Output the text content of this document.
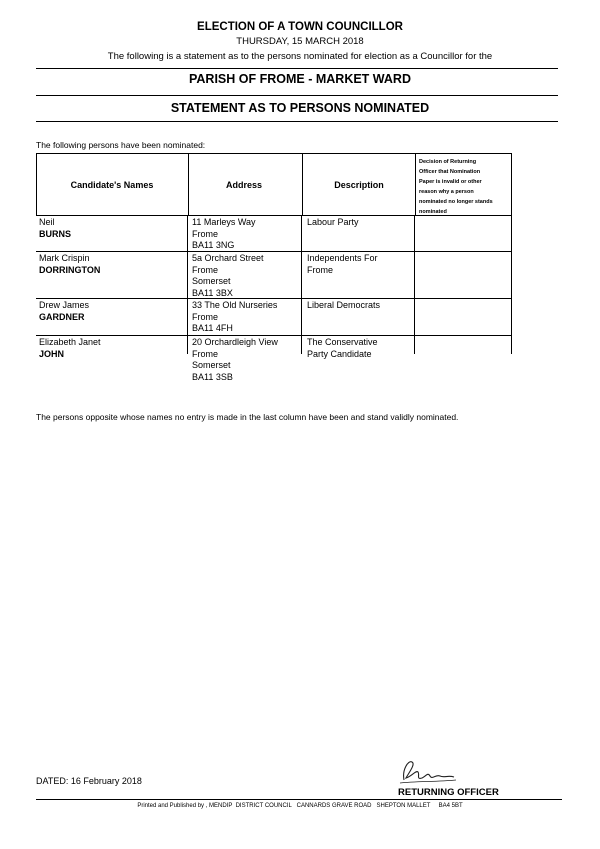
ELECTION OF A TOWN COUNCILLOR
THURSDAY, 15 MARCH 2018
The following is a statement as to the persons nominated for election as a Councillor for the
PARISH OF FROME - MARKET WARD
STATEMENT AS TO PERSONS NOMINATED
The following persons have been nominated:
Candidate's Names	Address	Description
Decision of Returning
Officer that Nomination
Paper is invalid or other
reason why a person
nominated no longer stands
nominated
Neil
BURNS
11 Marleys Way
Frome
BA11 3NG
Labour Party
Mark Crispin
DORRINGTON
5a Orchard Street
Frome
Somerset
BA11 3BX
Independents For
Frome
Drew James
GARDNER
33 The Old Nurseries
Frome
BA11 4FH
Liberal Democrats
Elizabeth Janet
JOHN
20 Orchardleigh View
Frome
Somerset
BA11 3SB
The Conservative
Party Candidate
The persons opposite whose names no entry is made in the last column have been and stand validly nominated.
DATED: 16 February 2018
RETURNING OFFICER
Printed and Published by , MENDIP  DISTRICT COUNCIL   CANNARDS GRAVE ROAD   SHEPTON MALLET     BA4 5BT
